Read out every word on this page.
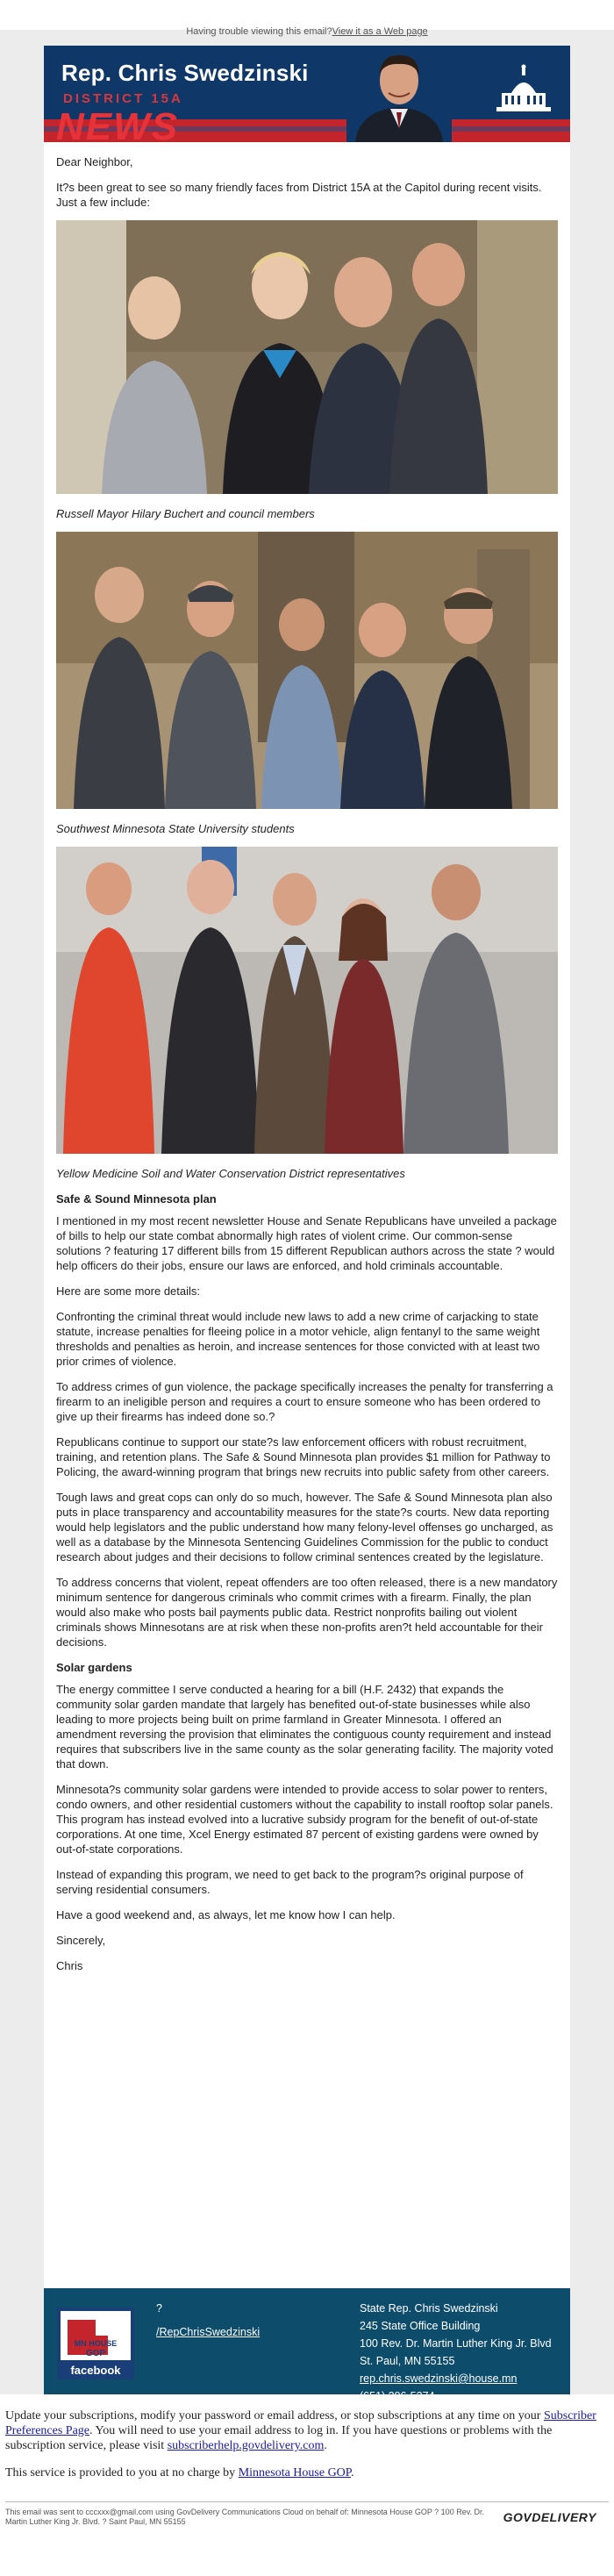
Having trouble viewing this email?View it as a Web page
Rep. Chris Swedzinski
DISTRICT 15A
NEWS

Dear Neighbor,

It?s been great to see so many friendly faces from District 15A at the Capitol during recent visits. Just a few include:

Russell Mayor Hilary Buchert and council members

Southwest Minnesota State University students

Yellow Medicine Soil and Water Conservation District representatives

Safe & Sound Minnesota plan

I mentioned in my most recent newsletter House and Senate Republicans have unveiled a package of bills to help our state combat abnormally high rates of violent crime. Our common-sense solutions ? featuring 17 different bills from 15 different Republican authors across the state ? would help officers do their jobs, ensure our laws are enforced, and hold criminals accountable.

Here are some more details:

Confronting the criminal threat would include new laws to add a new crime of carjacking to state statute, increase penalties for fleeing police in a motor vehicle, align fentanyl to the same weight thresholds and penalties as heroin, and increase sentences for those convicted with at least two prior crimes of violence.

To address crimes of gun violence, the package specifically increases the penalty for transferring a firearm to an ineligible person and requires a court to ensure someone who has been ordered to give up their firearms has indeed done so.?

Republicans continue to support our state?s law enforcement officers with robust recruitment, training, and retention plans. The Safe & Sound Minnesota plan provides $1 million for Pathway to Policing, the award-winning program that brings new recruits into public safety from other careers.

Tough laws and great cops can only do so much, however. The Safe & Sound Minnesota plan also puts in place transparency and accountability measures for the state?s courts. New data reporting would help legislators and the public understand how many felony-level offenses go uncharged, as well as a database by the Minnesota Sentencing Guidelines Commission for the public to conduct research about judges and their decisions to follow criminal sentences created by the legislature.

To address concerns that violent, repeat offenders are too often released, there is a new mandatory minimum sentence for dangerous criminals who commit crimes with a firearm. Finally, the plan would also make who posts bail payments public data. Restrict nonprofits bailing out violent criminals shows Minnesotans are at risk when these non-profits aren?t held accountable for their decisions.

Solar gardens

The energy committee I serve conducted a hearing for a bill (H.F. 2432) that expands the community solar garden mandate that largely has benefited out-of-state businesses while also leading to more projects being built on prime farmland in Greater Minnesota. I offered an amendment reversing the provision that eliminates the contiguous county requirement and instead requires that subscribers live in the same county as the solar generating facility. The majority voted that down.

Minnesota?s community solar gardens were intended to provide access to solar power to renters, condo owners, and other residential customers without the capability to install rooftop solar panels. This program has instead evolved into a lucrative subsidy program for the benefit of out-of-state corporations. At one time, Xcel Energy estimated 87 percent of existing gardens were owned by out-of-state corporations.

Instead of expanding this program, we need to get back to the program?s original purpose of serving residential consumers.

Have a good weekend and, as always, let me know how I can help.

Sincerely,

Chris

MN HOUSE
GOP
facebook
?
/RepChrisSwedzinski
State Rep. Chris Swedzinski
245 State Office Building
100 Rev. Dr. Martin Luther King Jr. Blvd
St. Paul, MN 55155
rep.chris.swedzinski@house.mn
(651) 296-5374

Update your subscriptions, modify your password or email address, or stop subscriptions at any time on your Subscriber Preferences Page. You will need to use your email address to log in. If you have questions or problems with the subscription service, please visit subscriberhelp.govdelivery.com.

This service is provided to you at no charge by Minnesota House GOP.

This email was sent to cccxxx@gmail.com using GovDelivery Communications Cloud on behalf of: Minnesota House GOP ? 100 Rev. Dr. Martin Luther King Jr. Blvd. ? Saint Paul, MN 55155	GOVDELIVERY
